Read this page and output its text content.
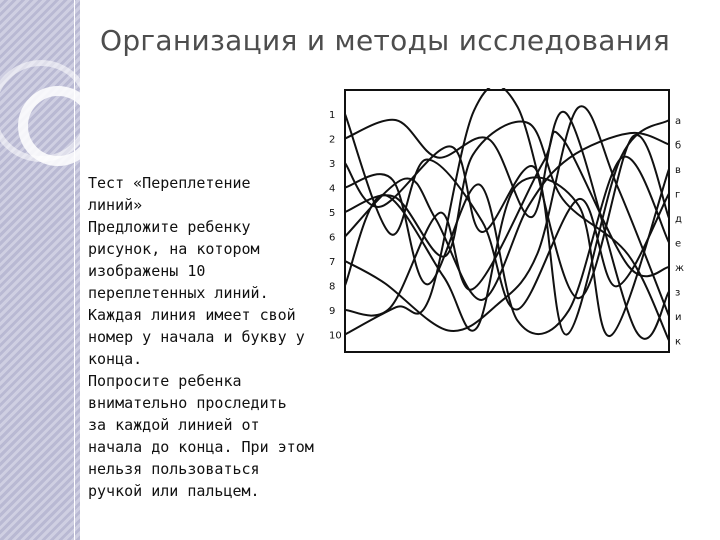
Организация и методы исследования
Тест «Переплетение
линий»
Предложите ребенку
рисунок, на котором
изображены 10
переплетенных линий.
Каждая линия имеет свой
номер у начала и букву у
конца.
Попросите ребенка
внимательно проследить
за каждой линией от
начала до конца. При этом
нельзя пользоваться
ручкой или пальцем.
1
2
3
4
5
6
7
8
9
10
а
б
в
г
д
е
ж
з
и
к
